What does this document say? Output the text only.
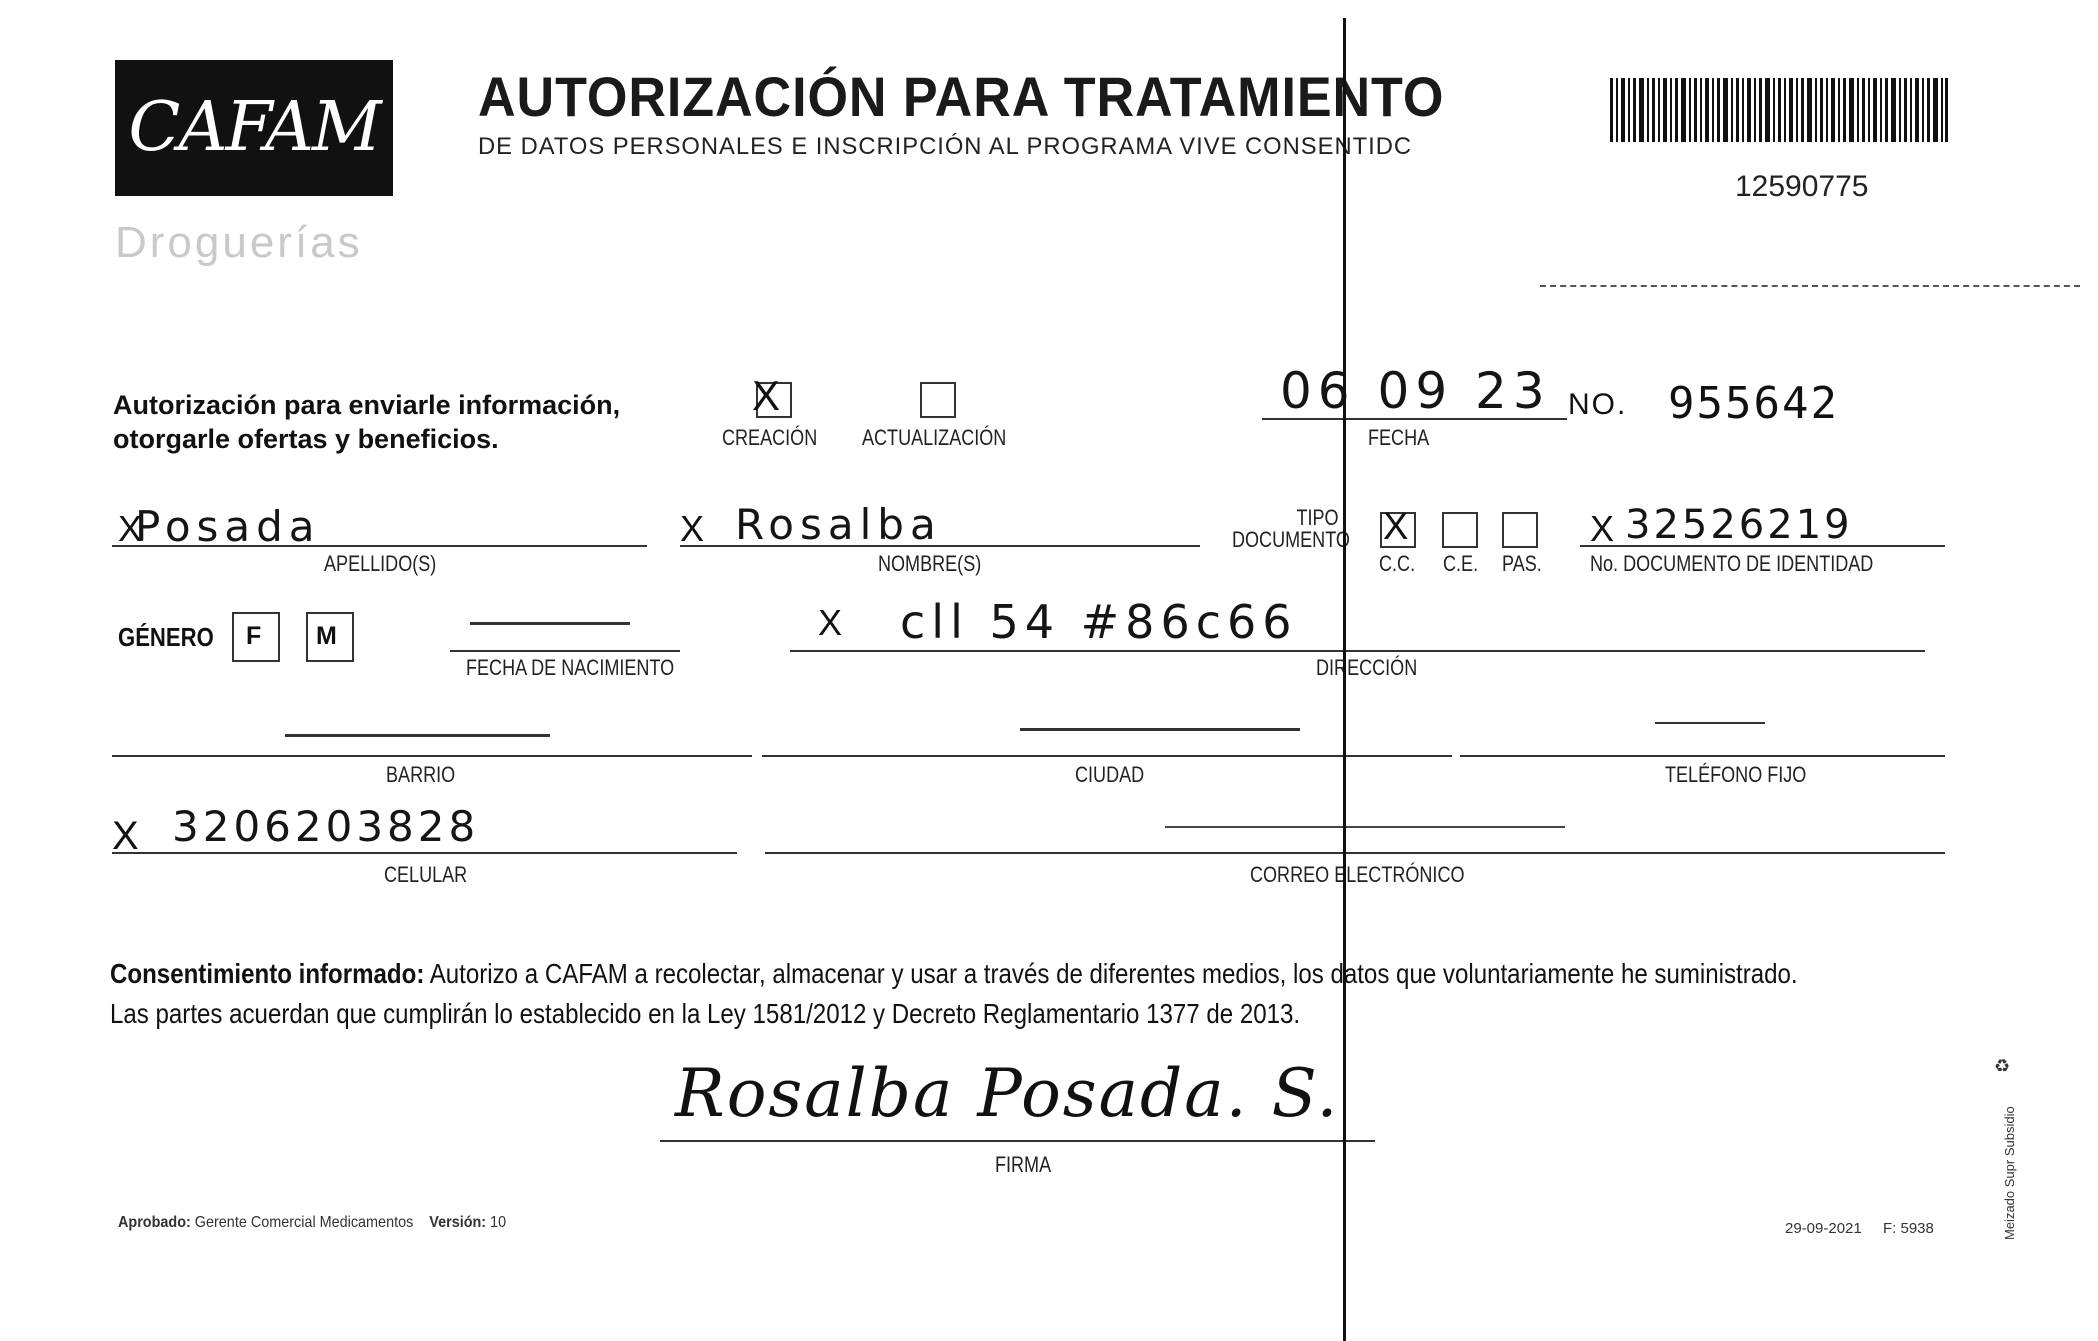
CAFAM
Droguerías
AUTORIZACIÓN PARA TRATAMIENTO
DE DATOS PERSONALES E INSCRIPCIÓN AL PROGRAMA VIVE CONSENTIDC
12590775
Autorización para enviarle información, otorgarle ofertas y beneficios.
X
CREACIÓN ACTUALIZACIÓN
06 09 23
FECHA
NO. 955642
Posada
X
APELLIDO(S)
X Rosalba
NOMBRE(S)
TIPO DOCUMENTO X
C.C. C.E. PAS.
X 32526219
No. DOCUMENTO DE IDENTIDAD
GÉNERO F M
FECHA DE NACIMIENTO
X cll 54 #86c66
DIRECCIÓN
BARRIO	CIUDAD	TELÉFONO FIJO
X 3206203828
CELULAR	CORREO ELECTRÓNICO
Consentimiento informado: Autorizo a CAFAM a recolectar, almacenar y usar a través de diferentes medios, los datos que voluntariamente he suministrado.
Las partes acuerdan que cumplirán lo establecido en la Ley 1581/2012 y Decreto Reglamentario 1377 de 2013.
Rosalba Posada. S.
FIRMA
Aprobado: Gerente Comercial Medicamentos Versión: 10	29-09-2021 F: 5938	Meizado Supr Subsidio
♻
